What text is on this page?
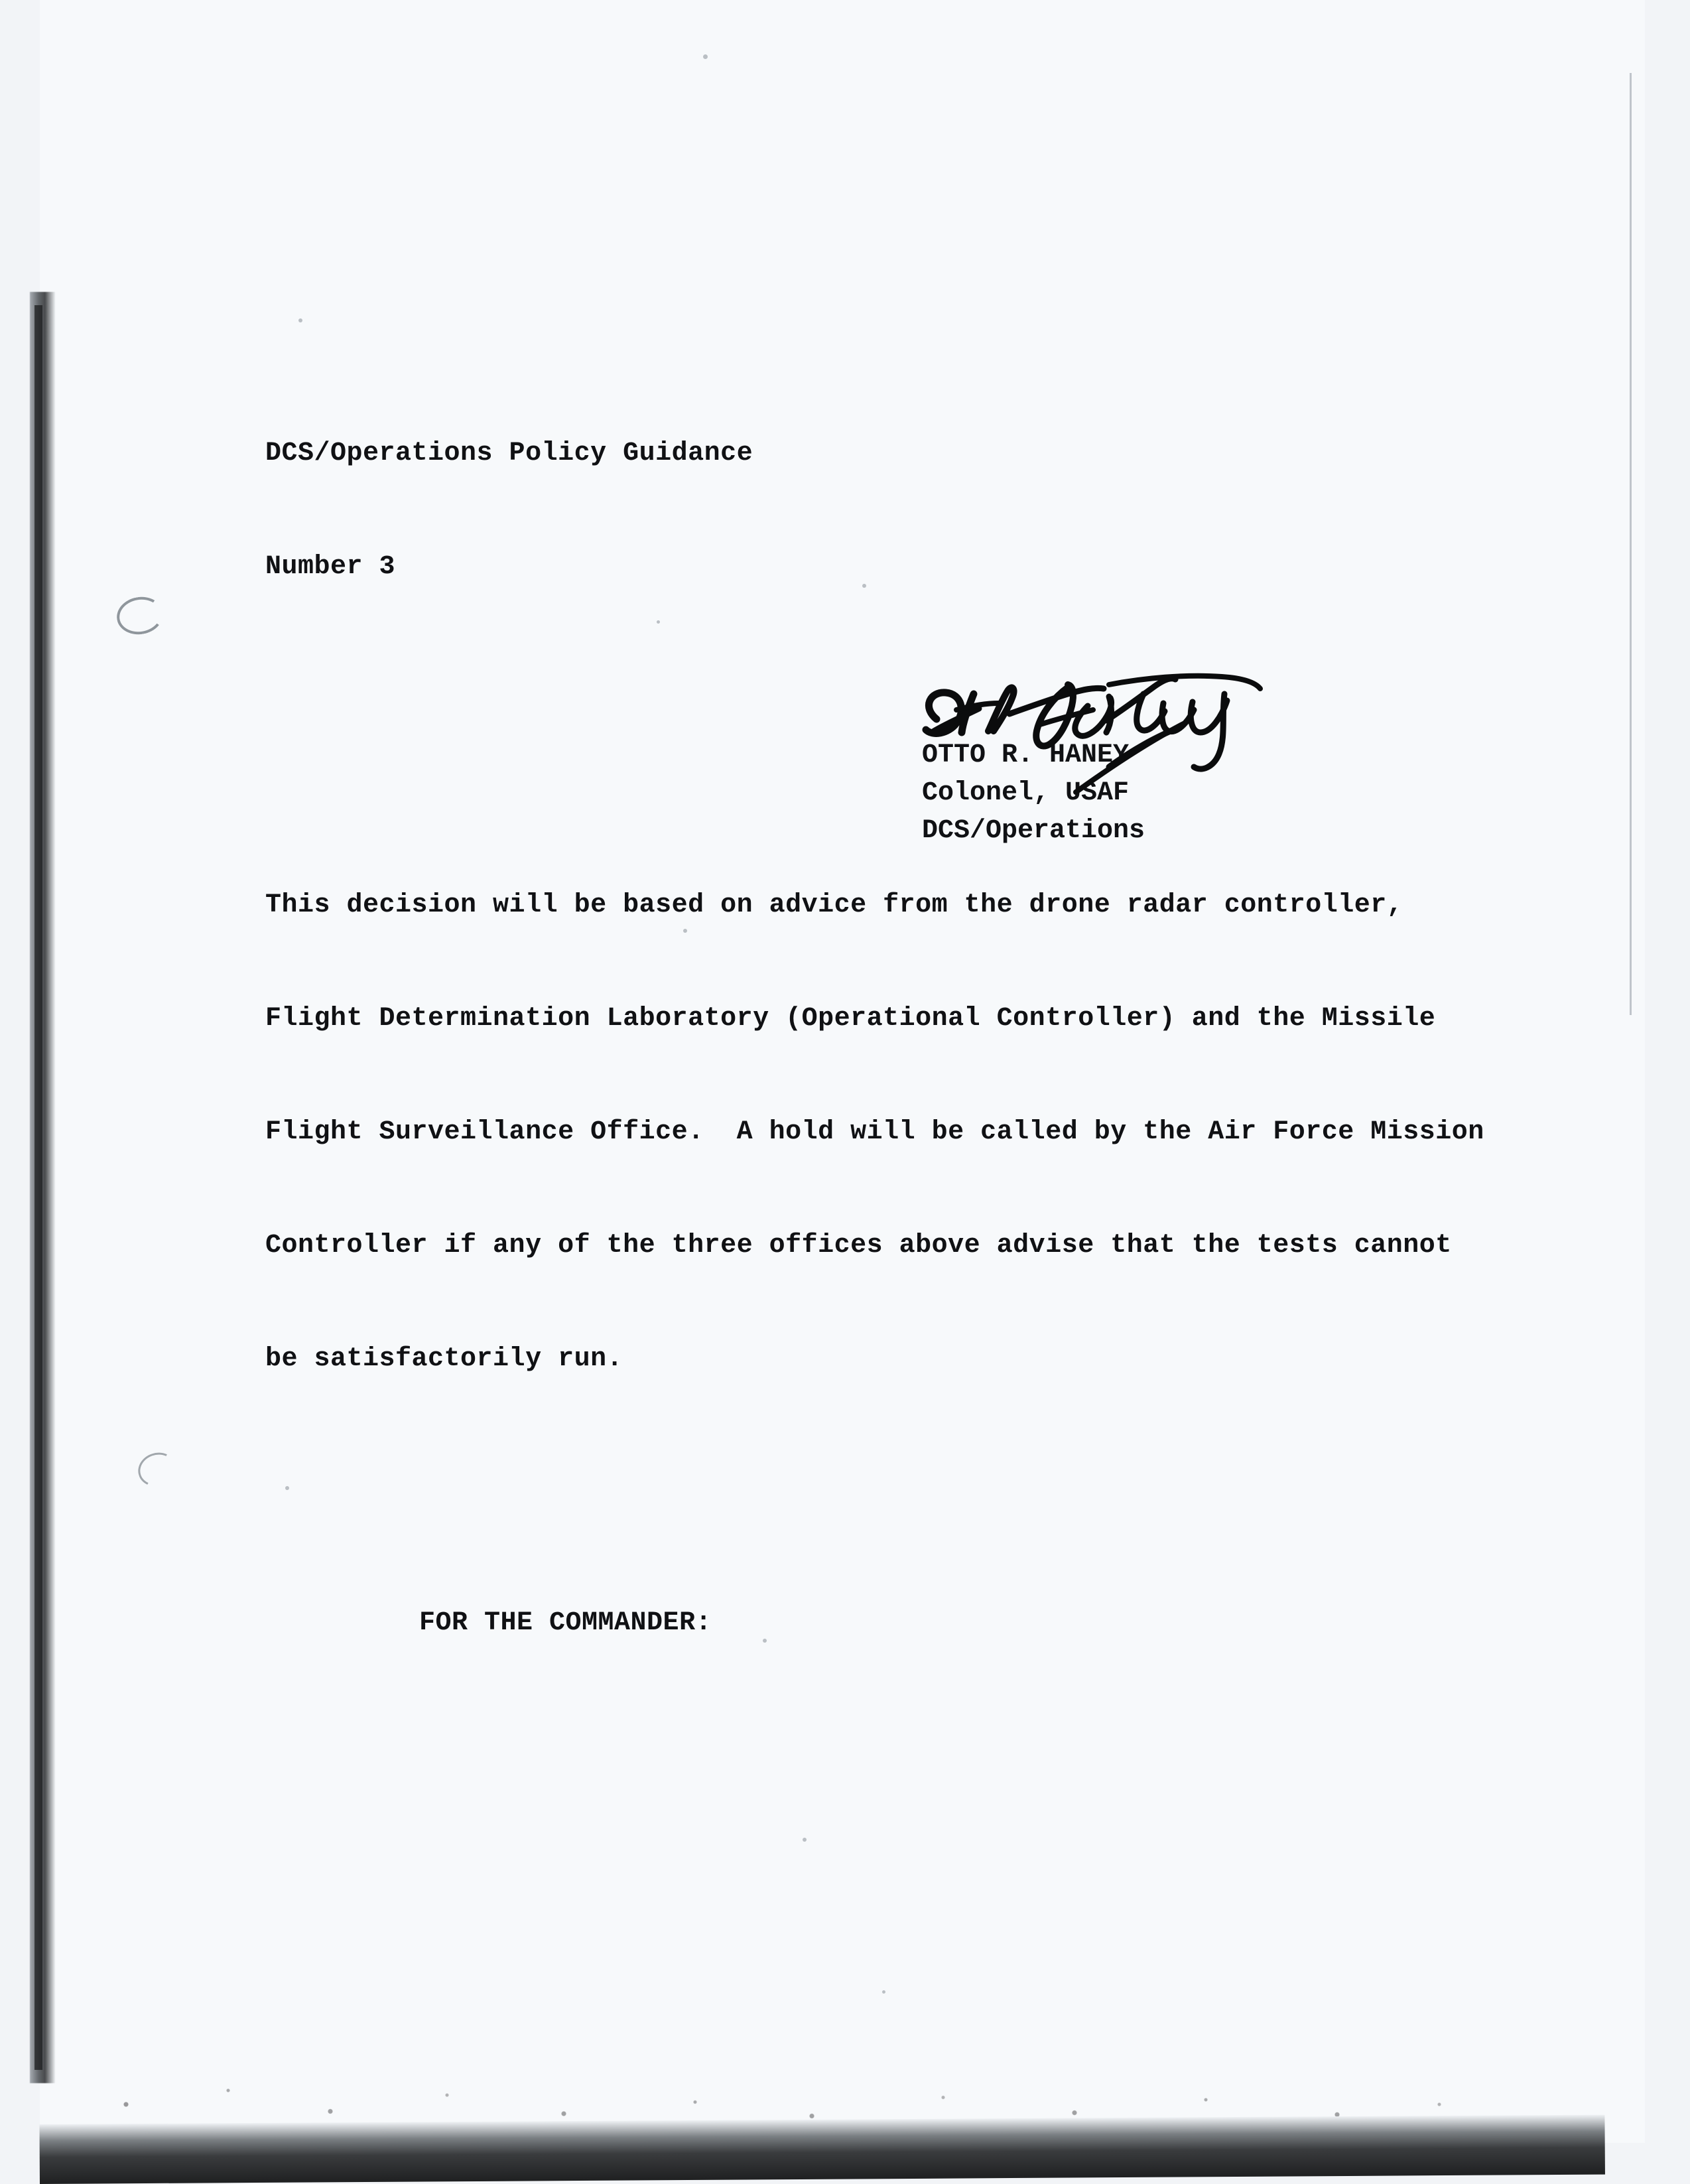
DCS/Operations Policy Guidance

Number 3

This decision will be based on advice from the drone radar controller,

Flight Determination Laboratory (Operational Controller) and the Missile

Flight Surveillance Office.  A hold will be called by the Air Force Mission

Controller if any of the three offices above advise that the tests cannot

be satisfactorily run.

FOR THE COMMANDER:

OTTO R. HANEY
Colonel, USAF
DCS/Operations
